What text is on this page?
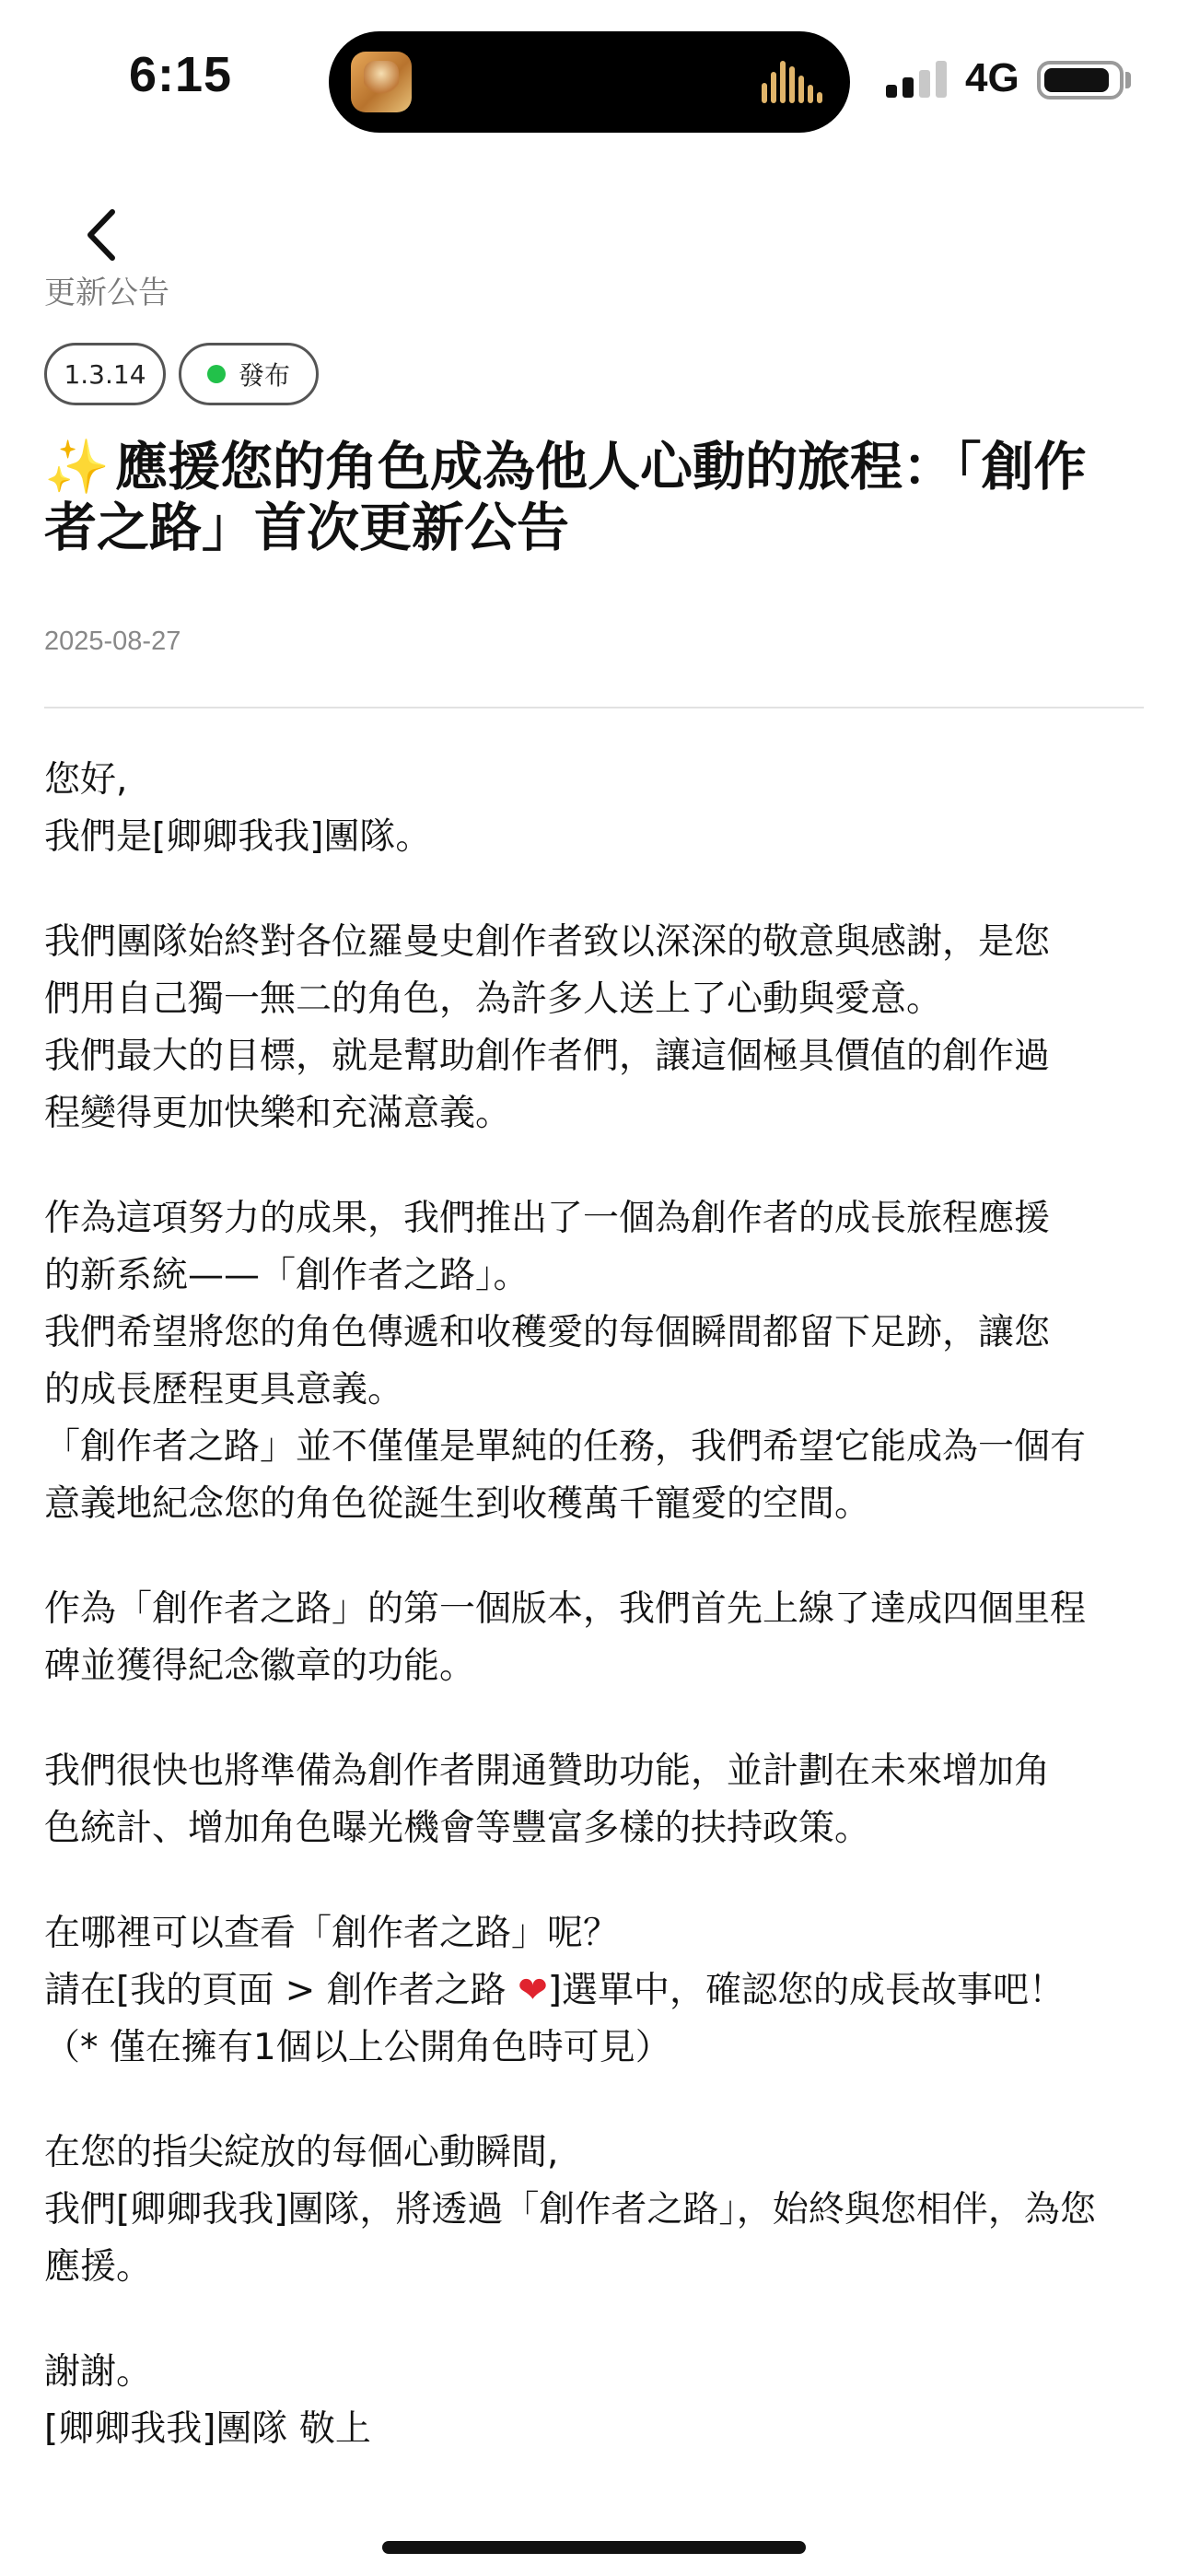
6:15	4G
更新公告
1.3.14	發布
✨ 應援您的角色成為他人心動的旅程：「創作
者之路」首次更新公告
2025-08-27
您好,
我們是[卿卿我我]團隊。
我們團隊始終對各位羅曼史創作者致以深深的敬意與感謝，是您
們用自己獨一無二的角色，為許多人送上了心動與愛意。
我們最大的目標，就是幫助創作者們，讓這個極具價值的創作過
程變得更加快樂和充滿意義。
作為這項努力的成果，我們推出了一個為創作者的成長旅程應援
的新系統——「創作者之路」。
我們希望將您的角色傳遞和收穫愛的每個瞬間都留下足跡，讓您
的成長歷程更具意義。
「創作者之路」並不僅僅是單純的任務，我們希望它能成為一個有
意義地紀念您的角色從誕生到收穫萬千寵愛的空間。
作為「創作者之路」的第一個版本，我們首先上線了達成四個里程
碑並獲得紀念徽章的功能。
我們很快也將準備為創作者開通贊助功能，並計劃在未來增加角
色統計、增加角色曝光機會等豐富多樣的扶持政策。
在哪裡可以查看「創作者之路」呢？
請在[我的頁面 > 創作者之路 ❤]選單中，確認您的成長故事吧！
（* 僅在擁有1個以上公開角色時可見）
在您的指尖綻放的每個心動瞬間,
我們[卿卿我我]團隊，將透過「創作者之路」，始終與您相伴，為您
應援。
謝謝。
[卿卿我我]團隊 敬上
